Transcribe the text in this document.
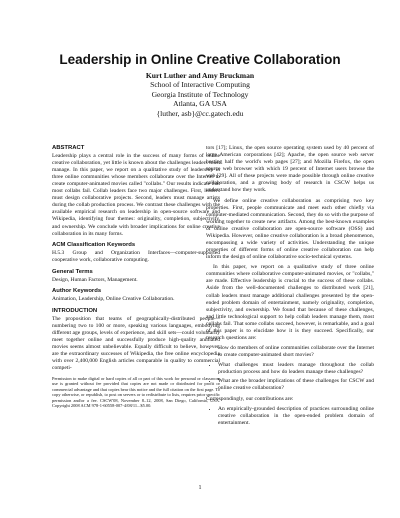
Leadership in Online Creative Collaboration
Kurt Luther and Amy Bruckman
School of Interactive Computing
Georgia Institute of Technology
Atlanta, GA USA
{luther, asb}@cc.gatech.edu
ABSTRACT

Leadership plays a central role in the success of many forms of online creative collaboration, yet little is known about the challenges leaders must manage. In this paper, we report on a qualitative study of leadership in three online communities whose members collaborate over the Internet to create computer-animated movies called "collabs." Our results indicate that most collabs fail. Collab leaders face two major challenges. First, leaders must design collaborative projects. Second, leaders must manage artists during the collab production process. We contrast these challenges with the available empirical research on leadership in open-source software and Wikipedia, identifying four themes: originality, completion, subjectivity, and ownership. We conclude with broader implications for online creative collaboration in its many forms.

ACM Classification Keywords

H.5.3 Group and Organization Interfaces—computer-supported cooperative work, collaborative computing.

General Terms

Design, Human Factors, Management.

Author Keywords

Animation, Leadership, Online Creative Collaboration.

INTRODUCTION

The proposition that teams of geographically-distributed people—numbering two to 100 or more, speaking various languages, embodying different age groups, levels of experience, and skill sets—could voluntarily meet together online and successfully produce high-quality animated movies seems almost unbelievable. Equally difficult to believe, however, are the extraordinary successes of Wikipedia, the free online encyclopedia with over 2,400,000 English articles comparable in quality to commercial competi-

Permission to make digital or hard copies of all or part of this work for personal or classroom use is granted without fee provided that copies are not made or distributed for profit or commercial advantage and that copies bear this notice and the full citation on the first page. To copy otherwise, or republish, to post on servers or to redistribute to lists, requires prior specific permission and/or a fee. CSCW'08, November 8–12, 2008, San Diego, California, USA. Copyright 2008 ACM 978-1-60558-007-4/08/11...$5.00.

tors [17]; Linux, the open source operating system used by 40 percent of large American corporations [42]; Apache, the open source web server hosting half the world's web pages [27]; and Mozilla Firefox, the open source web browser with which 19 percent of Internet users browse the web [29]. All of these projects were made possible through online creative collaboration, and a growing body of research in CSCW helps us understand how they work.

We define online creative collaboration as comprising two key properties. First, people communicate and meet each other chiefly via computer-mediated communication. Second, they do so with the purpose of working together to create new artifacts. Among the best-known examples of online creative collaboration are open-source software (OSS) and Wikipedia. However, online creative collaboration is a broad phenomenon, encompassing a wide variety of activities. Understanding the unique properties of different forms of online creative collaboration can help inform the design of online collaborative socio-technical systems.

In this paper, we report on a qualitative study of three online communities where collaborative computer-animated movies, or "collabs," are made. Effective leadership is crucial to the success of these collabs. Aside from the well-documented challenges to distributed work [21], collab leaders must manage additional challenges presented by the open-ended problem domain of entertainment, namely originality, completion, subjectivity, and ownership. We found that because of these challenges, and little technological support to help collab leaders manage them, most collabs fail. That some collabs succeed, however, is remarkable, and a goal of this paper is to elucidate how it is they succeed. Specifically, our research questions are:

• How do members of online communities collaborate over the Internet to create computer-animated short movies?
• What challenges must leaders manage throughout the collab production process and how do leaders manage these challenges?
• What are the broader implications of these challenges for CSCW and online creative collaboration?

Correspondingly, our contributions are:

• An empirically-grounded description of practices surrounding online creative collaboration in the open-ended problem domain of entertainment.
1
